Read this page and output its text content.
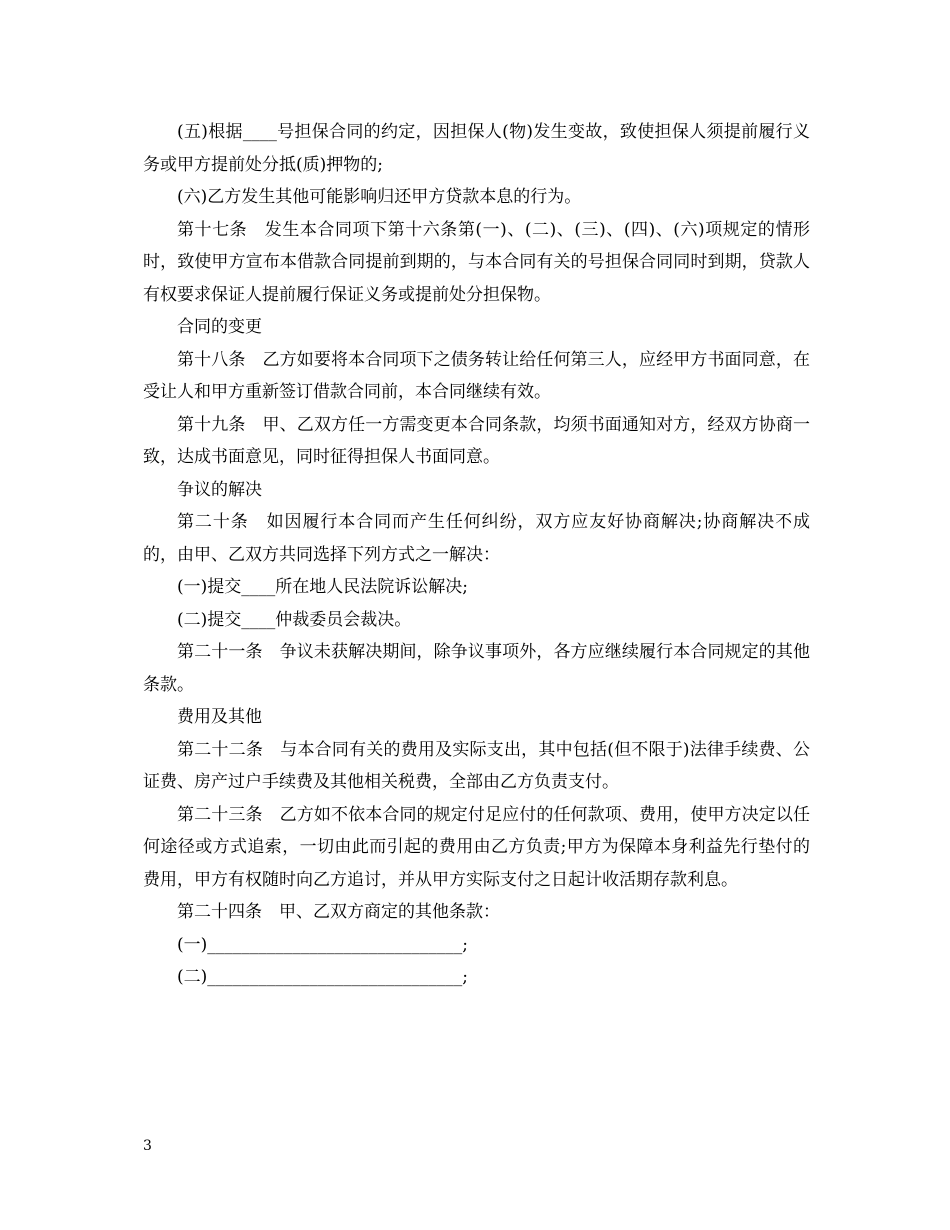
(五)根据____号担保合同的约定，因担保人(物)发生变故，致使担保人须提前履行义务或甲方提前处分抵(质)押物的;

(六)乙方发生其他可能影响归还甲方贷款本息的行为。

第十七条　发生本合同项下第十六条第(一)、(二)、(三)、(四)、(六)项规定的情形时，致使甲方宣布本借款合同提前到期的，与本合同有关的号担保合同同时到期，贷款人有权要求保证人提前履行保证义务或提前处分担保物。

合同的变更

第十八条　乙方如要将本合同项下之债务转让给任何第三人，应经甲方书面同意，在受让人和甲方重新签订借款合同前，本合同继续有效。

第十九条　甲、乙双方任一方需变更本合同条款，均须书面通知对方，经双方协商一致，达成书面意见，同时征得担保人书面同意。

争议的解决

第二十条　如因履行本合同而产生任何纠纷，双方应友好协商解决;协商解决不成的，由甲、乙双方共同选择下列方式之一解决：

(一)提交____所在地人民法院诉讼解决;

(二)提交____仲裁委员会裁决。

第二十一条　争议未获解决期间，除争议事项外，各方应继续履行本合同规定的其他条款。

费用及其他

第二十二条　与本合同有关的费用及实际支出，其中包括(但不限于)法律手续费、公证费、房产过户手续费及其他相关税费，全部由乙方负责支付。

第二十三条　乙方如不依本合同的规定付足应付的任何款项、费用，使甲方决定以任何途径或方式追索，一切由此而引起的费用由乙方负责;甲方为保障本身利益先行垫付的费用，甲方有权随时向乙方追讨，并从甲方实际支付之日起计收活期存款利息。

第二十四条　甲、乙双方商定的其他条款：

(一)______________________________;

(二)______________________________;

3
